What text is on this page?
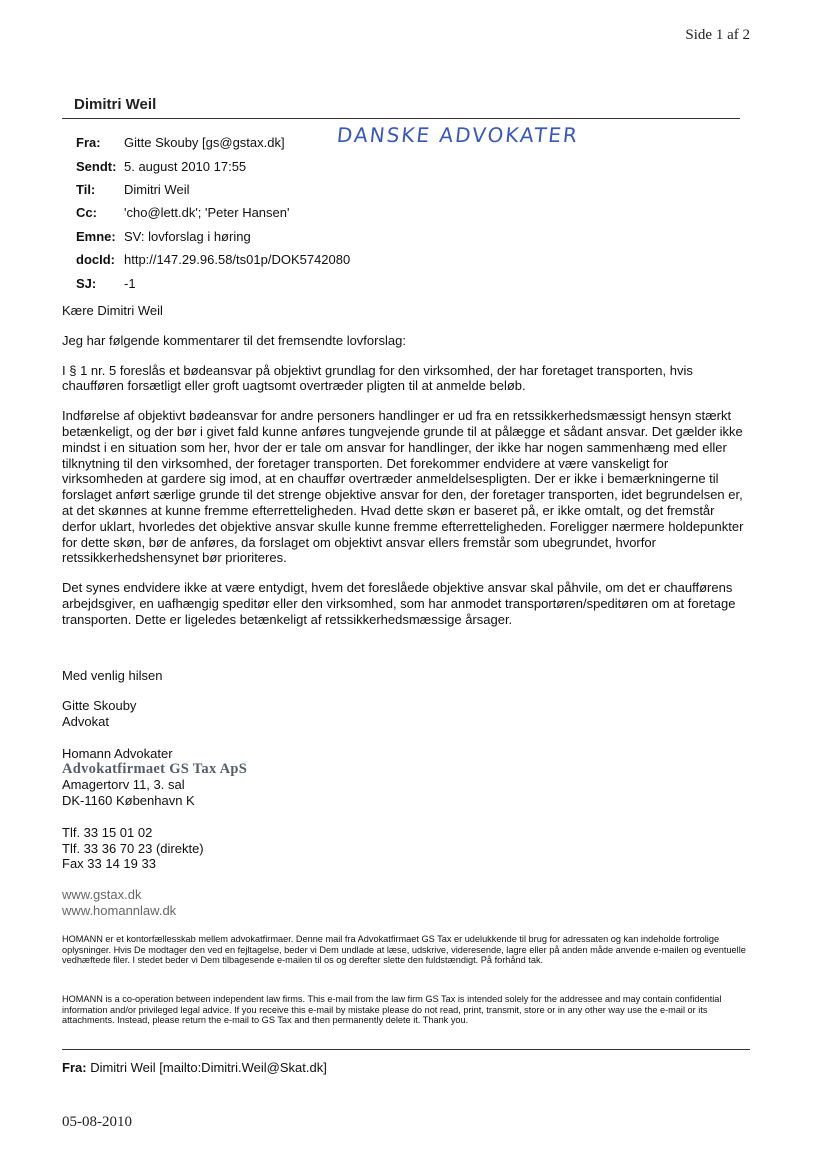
Side 1 af 2
Dimitri Weil
DANSKE ADVOKATER
Fra:	Gitte Skouby [gs@gstax.dk]
Sendt: 5. august 2010 17:55
Til:	Dimitri Weil
Cc:	'cho@lett.dk'; 'Peter Hansen'
Emne: SV: lovforslag i høring
docId: http://147.29.96.58/ts01p/DOK5742080
SJ:	-1

Kære Dimitri Weil

Jeg har følgende kommentarer til det fremsendte lovforslag:

I § 1 nr. 5 foreslås et bødeansvar på objektivt grundlag for den virksomhed, der har foretaget transporten, hvis chaufføren forsætligt eller groft uagtsomt overtræder pligten til at anmelde beløb.

Indførelse af objektivt bødeansvar for andre personers handlinger er ud fra en retssikkerhedsmæssigt hensyn stærkt betænkeligt, og der bør i givet fald kunne anføres tungvejende grunde til at pålægge et sådant ansvar. Det gælder ikke mindst i en situation som her, hvor der er tale om ansvar for handlinger, der ikke har nogen sammenhæng med eller tilknytning til den virksomhed, der foretager transporten. Det forekommer endvidere at være vanskeligt for virksomheden at gardere sig imod, at en chauffør overtræder anmeldelsespligten. Der er ikke i bemærkningerne til forslaget anført særlige grunde til det strenge objektive ansvar for den, der foretager transporten, idet begrundelsen er, at det skønnes at kunne fremme efterretteligheden. Hvad dette skøn er baseret på, er ikke omtalt, og det fremstår derfor uklart, hvorledes det objektive ansvar skulle kunne fremme efterretteligheden. Foreligger nærmere holdepunkter for dette skøn, bør de anføres, da forslaget om objektivt ansvar ellers fremstår som ubegrundet, hvorfor retssikkerhedshensynet bør prioriteres.

Det synes endvidere ikke at være entydigt, hvem det foreslåede objektive ansvar skal påhvile, om det er chaufførens arbejdsgiver, en uafhængig speditør eller den virksomhed, som har anmodet transportøren/speditøren om at foretage transporten. Dette er ligeledes betænkeligt af retssikkerhedsmæssige årsager.

Med venlig hilsen
Gitte Skouby
Advokat
Homann Advokater
Advokatfirmaet GS Tax ApS
Amagertorv 11, 3. sal
DK-1160 København K
Tlf. 33 15 01 02
Tlf. 33 36 70 23 (direkte)
Fax 33 14 19 33
www.gstax.dk
www.homannlaw.dk
HOMANN er et kontorfællesskab mellem advokatfirmaer. Denne mail fra Advokatfirmaet GS Tax er udelukkende til brug for adressaten og kan indeholde fortrolige oplysninger. Hvis De modtager den ved en fejltagelse, beder vi Dem undlade at læse, udskrive, videresende, lagre eller på anden måde anvende e-mailen og eventuelle vedhæftede filer. I stedet beder vi Dem tilbagesende e-mailen til os og derefter slette den fuldstændigt. På forhånd tak.
HOMANN is a co-operation between independent law firms. This e-mail from the law firm GS Tax is intended solely for the addressee and may contain confidential information and/or privileged legal advice. If you receive this e-mail by mistake please do not read, print, transmit, store or in any other way use the e-mail or its attachments. Instead, please return the e-mail to GS Tax and then permanently delete it. Thank you.
Fra: Dimitri Weil [mailto:Dimitri.Weil@Skat.dk]
05-08-2010
